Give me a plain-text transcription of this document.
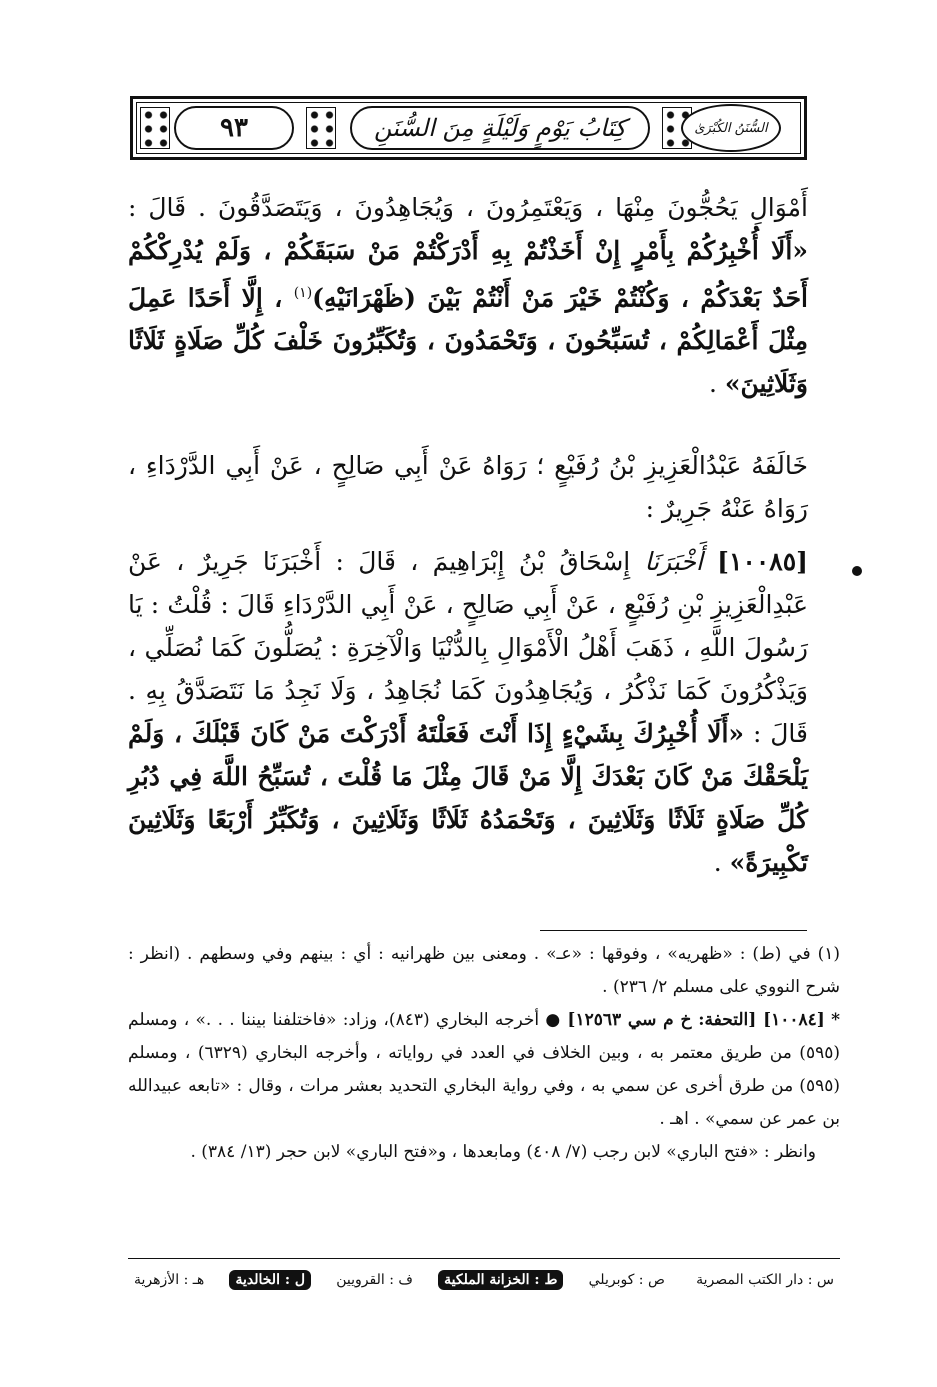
٩٣	كِتَابُ يَوْمٍ وَلَيْلَةٍ مِنَ السُّنَنِ	السُّنَنُ الكُبْرَىٰ
أَمْوَالِ يَحُجُّونَ مِنْهَا ، وَيَعْتَمِرُونَ ، وَيُجَاهِدُونَ ، وَيَتَصَدَّقُونَ . قَالَ : «أَلَا أُخْبِرُكُمْ بِأَمْرٍ إِنْ أَخَذْتُمْ بِهِ أَدْرَكْتُمْ مَنْ سَبَقَكُمْ ، وَلَمْ يُدْرِكْكُمْ أَحَدٌ بَعْدَكُمْ ، وَكُنْتُمْ خَيْرَ مَنْ أَنْتُمْ بَيْنَ (ظَهْرَانَيْهِ)$^{(١)}$ ، إِلَّا أَحَدًا عَمِلَ مِثْلَ أَعْمَالِكُمْ ، تُسَبِّحُونَ ، وَتَحْمَدُونَ ، وَتُكَبِّرُونَ خَلْفَ كُلِّ صَلَاةٍ ثَلَاثًا وَثَلَاثِينَ» .
خَالَفَهُ عَبْدُالْعَزِيزِ بْنُ رُفَيْعٍ ؛ رَوَاهُ عَنْ أَبِي صَالِحٍ ، عَنْ أَبِي الدَّرْدَاءِ ، رَوَاهُ عَنْهُ جَرِيرٌ :
[١٠٠٨٥] أَخْبَرَنَا إِسْحَاقُ بْنُ إِبْرَاهِيمَ ، قَالَ : أَخْبَرَنَا جَرِيرٌ ، عَنْ عَبْدِالْعَزِيزِ بْنِ رُفَيْعٍ ، عَنْ أَبِي صَالِحٍ ، عَنْ أَبِي الدَّرْدَاءِ قَالَ : قُلْتُ : يَا رَسُولَ اللَّهِ ، ذَهَبَ أَهْلُ الْأَمْوَالِ بِالدُّنْيَا وَالْآخِرَةِ : يُصَلُّونَ كَمَا نُصَلِّي ، وَيَذْكُرُونَ كَمَا نَذْكُرُ ، وَيُجَاهِدُونَ كَمَا نُجَاهِدُ ، وَلَا نَجِدُ مَا نَتَصَدَّقُ بِهِ . قَالَ : «أَلَا أُخْبِرُكَ بِشَيْءٍ إِذَا أَنْتَ فَعَلْتَهُ أَدْرَكْتَ مَنْ كَانَ قَبْلَكَ ، وَلَمْ يَلْحَقْكَ مَنْ كَانَ بَعْدَكَ إِلَّا مَنْ قَالَ مِثْلَ مَا قُلْتَ ، تُسَبِّحُ اللَّهَ فِي دُبُرِ كُلِّ صَلَاةٍ ثَلَاثًا وَثَلَاثِينَ ، وَتَحْمَدُهُ ثَلَاثًا وَثَلَاثِينَ ، وَتُكَبِّرُ أَرْبَعًا وَثَلَاثِينَ تَكْبِيرَةً» .

(١) في (ط) : «ظهريه» ، وفوقها : «عـ» . ومعنى بين ظهرانيه : أي : بينهم وفي وسطهم . (انظر : شرح النووي على مسلم ٢/ ٢٣٦) .

* [١٠٠٨٤] [التحفة: خ م سي ١٢٥٦٣] ● أخرجه البخاري (٨٤٣)، وزاد: «فاختلفنا بيننا . . .» ، ومسلم (٥٩٥) من طريق معتمر به ، وبين الخلاف في العدد في رواياته ، وأخرجه البخاري (٦٣٢٩) ، ومسلم (٥٩٥) من طرق أخرى عن سمي به ، وفي رواية البخاري التحديد بعشر مرات ، وقال : «تابعه عبيدالله بن عمر عن سمي» . اهـ .

وانظر : «فتح الباري» لابن رجب (٧/ ٤٠٨) ومابعدها ، و«فتح الباري» لابن حجر (١٣/ ٣٨٤) .

س : دار الكتب المصرية
ص : كوبريلي
ط : الخزانة الملكية
ف : القرويين
ل : الخالدية
هـ : الأزهرية
